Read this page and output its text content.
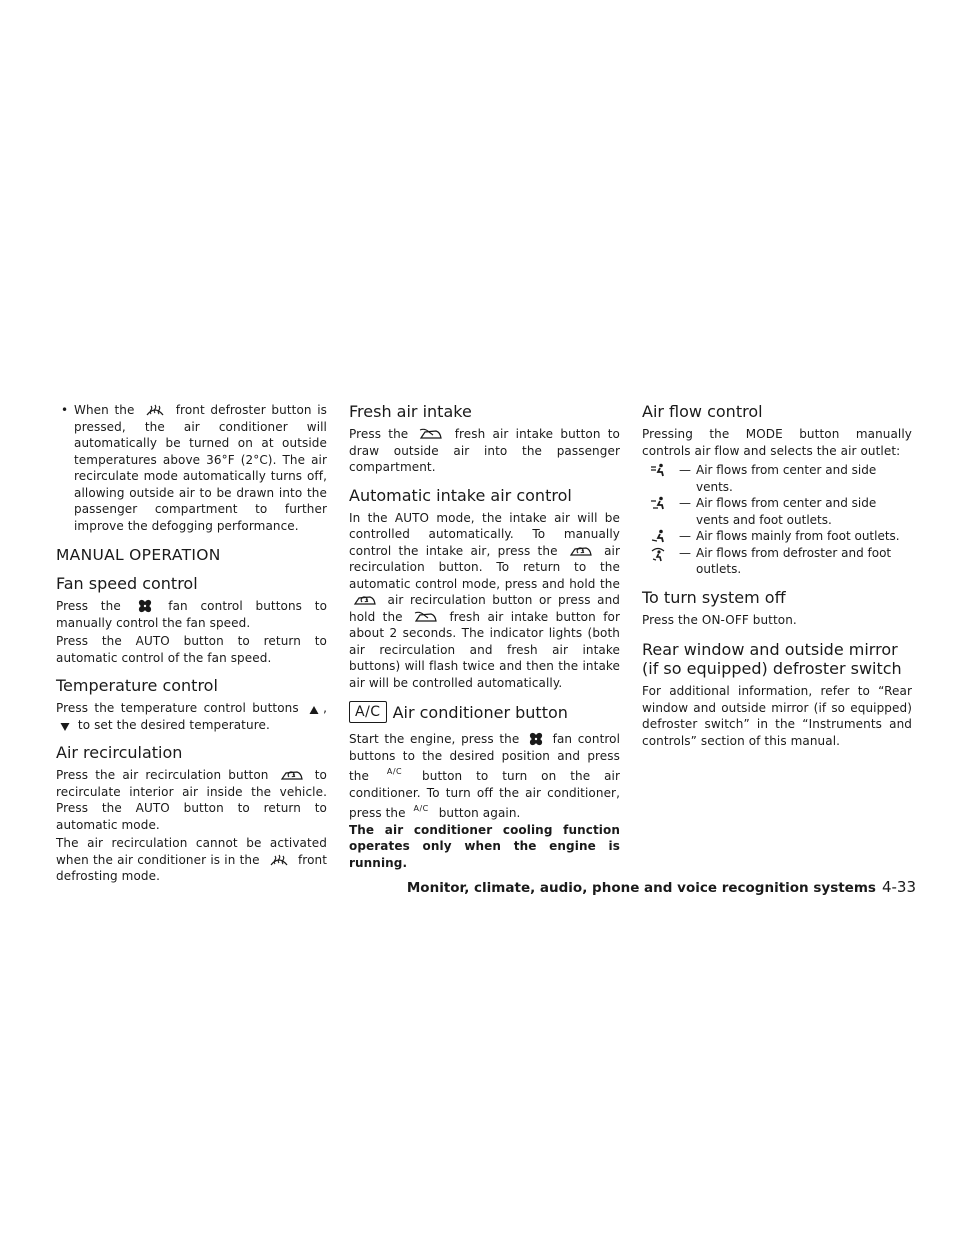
• When the	front defroster button is pressed, the air conditioner will automatically be turned on at outside temperatures above 36°F (2°C). The air recirculate mode automatically turns off, allowing outside air to be drawn into the passenger compartment to further improve the defogging performance.

MANUAL OPERATION
Fan speed control

Press the	fan control buttons to manually control the fan speed.

Press the AUTO button to return to automatic control of the fan speed.

Temperature control

Press the temperature control buttons ,
to set the desired temperature.

Air recirculation

Press the air recirculation button	to recirculate interior air inside the vehicle. Press the AUTO button to return to automatic mode.

The air recirculation cannot be activated when the air conditioner is in the	front defrosting mode.

Fresh air intake

Press the	fresh air intake button to draw outside air into the passenger compartment.

Automatic intake air control

In the AUTO mode, the intake air will be controlled automatically. To manually control the intake air, press the	air recirculation button. To return to the automatic control mode, press and hold the
air recirculation button or press and hold the	fresh air intake button for about 2 seconds. The indicator lights (both air recirculation and fresh air intake buttons) will flash twice and then the intake air will be controlled automatically.

A/C Air conditioner button

Start the engine, press the	fan control buttons to the desired position and press the A/C button to turn on the air conditioner. To turn off the air conditioner, press the A/C button again.

The air conditioner cooling function operates only when the engine is running.

Air flow control

Pressing the MODE button manually controls air flow and selects the air outlet:

— Air flows from center and side vents.
— Air flows from center and side vents and foot outlets.
— Air flows mainly from foot outlets.
— Air flows from defroster and foot outlets.
To turn system off

Press the ON-OFF button.

Rear window and outside mirror (if so equipped) defroster switch

For additional information, refer to “Rear window and outside mirror (if so equipped) defroster switch” in the “Instruments and controls” section of this manual.

Monitor, climate, audio, phone and voice recognition systems 4-33
